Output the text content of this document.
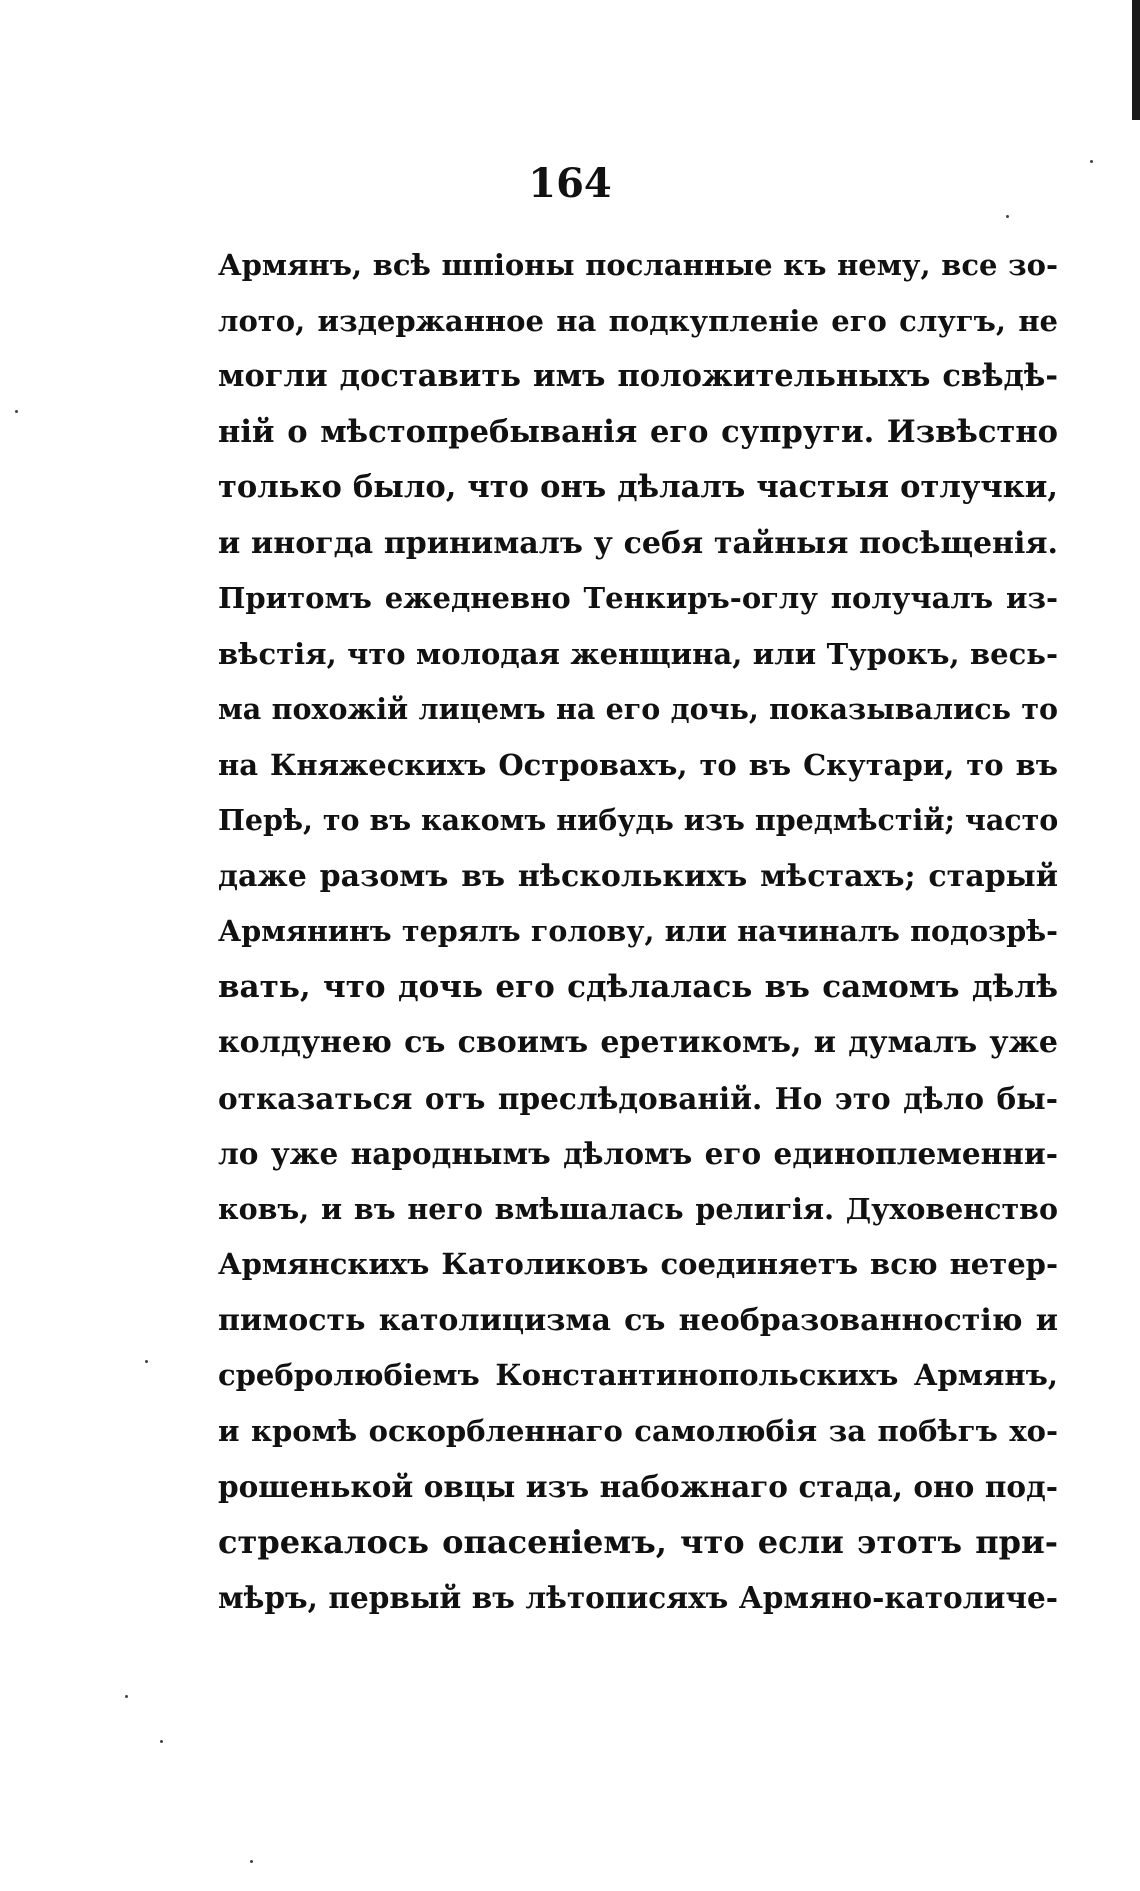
164
Армянъ, всѣ шпіоны посланные къ нему, все зо-
лото, издержанное на подкупленіе его слугъ, не
могли доставить имъ положительныхъ свѣдѣ-
ній о мѣстопребыванія его супруги. Извѣстно
только было, что онъ дѣлалъ частыя отлучки,
и иногда принималъ у себя тайныя посѣщенія.
Притомъ ежедневно Тенкиръ-оглу получалъ из-
вѣстія, что молодая женщина, или Турокъ, весь-
ма похожій лицемъ на его дочь, показывались то
на Княжескихъ Островахъ, то въ Скутари, то въ
Перѣ, то въ какомъ нибудь изъ предмѣстій; часто
даже разомъ въ нѣсколькихъ мѣстахъ; старый
Армянинъ терялъ голову, или начиналъ подозрѣ-
вать, что дочь его сдѣлалась въ самомъ дѣлѣ
колдунею съ своимъ еретикомъ, и думалъ уже
отказаться отъ преслѣдованій. Но это дѣло бы-
ло уже народнымъ дѣломъ его единоплеменни-
ковъ, и въ него вмѣшалась религія. Духовенство
Армянскихъ Католиковъ соединяетъ всю нетер-
пимость католицизма съ необразованностію и
сребролюбіемъ Константинопольскихъ Армянъ,
и кромѣ оскорбленнаго самолюбія за побѣгъ хо-
рошенькой овцы изъ набожнаго стада, оно под-
стрекалось опасеніемъ, что если этотъ при-
мѣръ, первый въ лѣтописяхъ Армяно-католиче-
